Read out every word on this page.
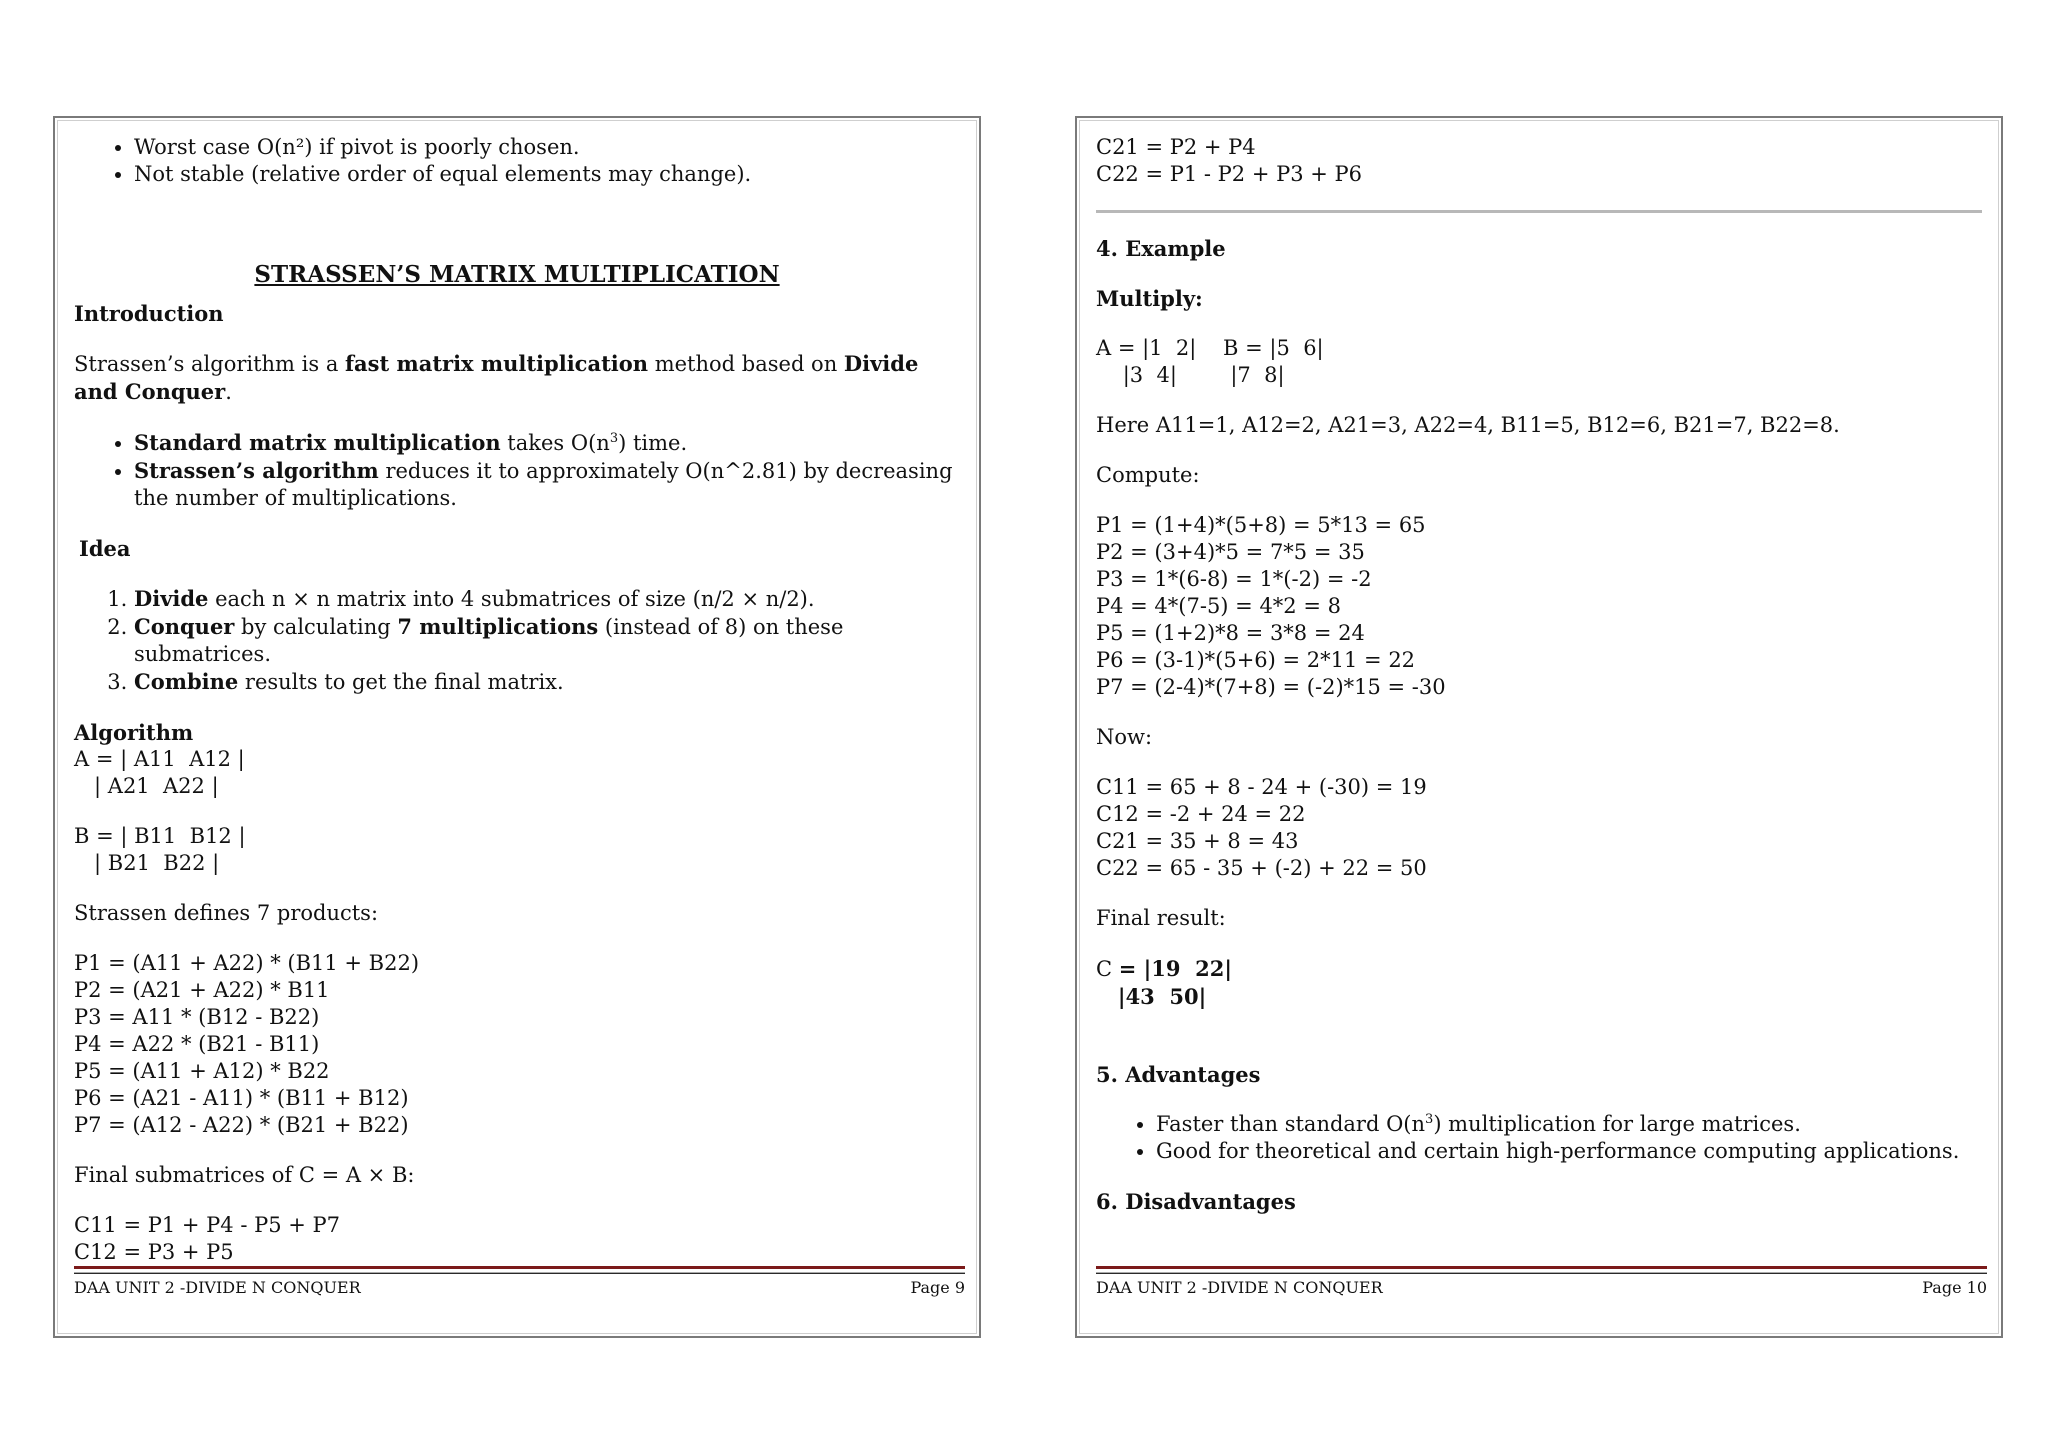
• Worst case O(n²) if pivot is poorly chosen.
• Not stable (relative order of equal elements may change).

STRASSEN’S MATRIX MULTIPLICATION

Introduction

Strassen’s algorithm is a fast matrix multiplication method based on Divide and Conquer.

• Standard matrix multiplication takes $O(n^3)$ time.
• Strassen’s algorithm reduces it to approximately O(n^2.81) by decreasing the number of multiplications.

Idea

1. Divide each n × n matrix into 4 submatrices of size (n/2 × n/2).
2. Conquer by calculating 7 multiplications (instead of 8) on these submatrices.
3. Combine results to get the final matrix.

Algorithm

A = | A11  A12 |

| A21  A22 |

B = | B11  B12 |

| B21  B22 |

Strassen defines 7 products:

P1 = (A11 + A22) * (B11 + B22)

P2 = (A21 + A22) * B11

P3 = A11 * (B12 - B22)

P4 = A22 * (B21 - B11)

P5 = (A11 + A12) * B22

P6 = (A21 - A11) * (B11 + B12)

P7 = (A12 - A22) * (B21 + B22)

Final submatrices of C = A × B:

C11 = P1 + P4 - P5 + P7

C12 = P3 + P5

DAA UNIT 2 -DIVIDE N CONQUER	Page 9

C21 = P2 + P4

C22 = P1 - P2 + P3 + P6

4. Example

Multiply:

A = |1  2|    B = |5  6|

|3  4|        |7  8|

Here A11=1, A12=2, A21=3, A22=4, B11=5, B12=6, B21=7, B22=8.

Compute:

P1 = (1+4)*(5+8) = 5*13 = 65

P2 = (3+4)*5 = 7*5 = 35

P3 = 1*(6-8) = 1*(-2) = -2

P4 = 4*(7-5) = 4*2 = 8

P5 = (1+2)*8 = 3*8 = 24

P6 = (3-1)*(5+6) = 2*11 = 22

P7 = (2-4)*(7+8) = (-2)*15 = -30

Now:

C11 = 65 + 8 - 24 + (-30) = 19

C12 = -2 + 24 = 22

C21 = 35 + 8 = 43

C22 = 65 - 35 + (-2) + 22 = 50

Final result:

C = |19  22|

|43  50|

5. Advantages

• Faster than standard $O(n^3)$ multiplication for large matrices.
• Good for theoretical and certain high-performance computing applications.

6. Disadvantages

DAA UNIT 2 -DIVIDE N CONQUER	Page 10
